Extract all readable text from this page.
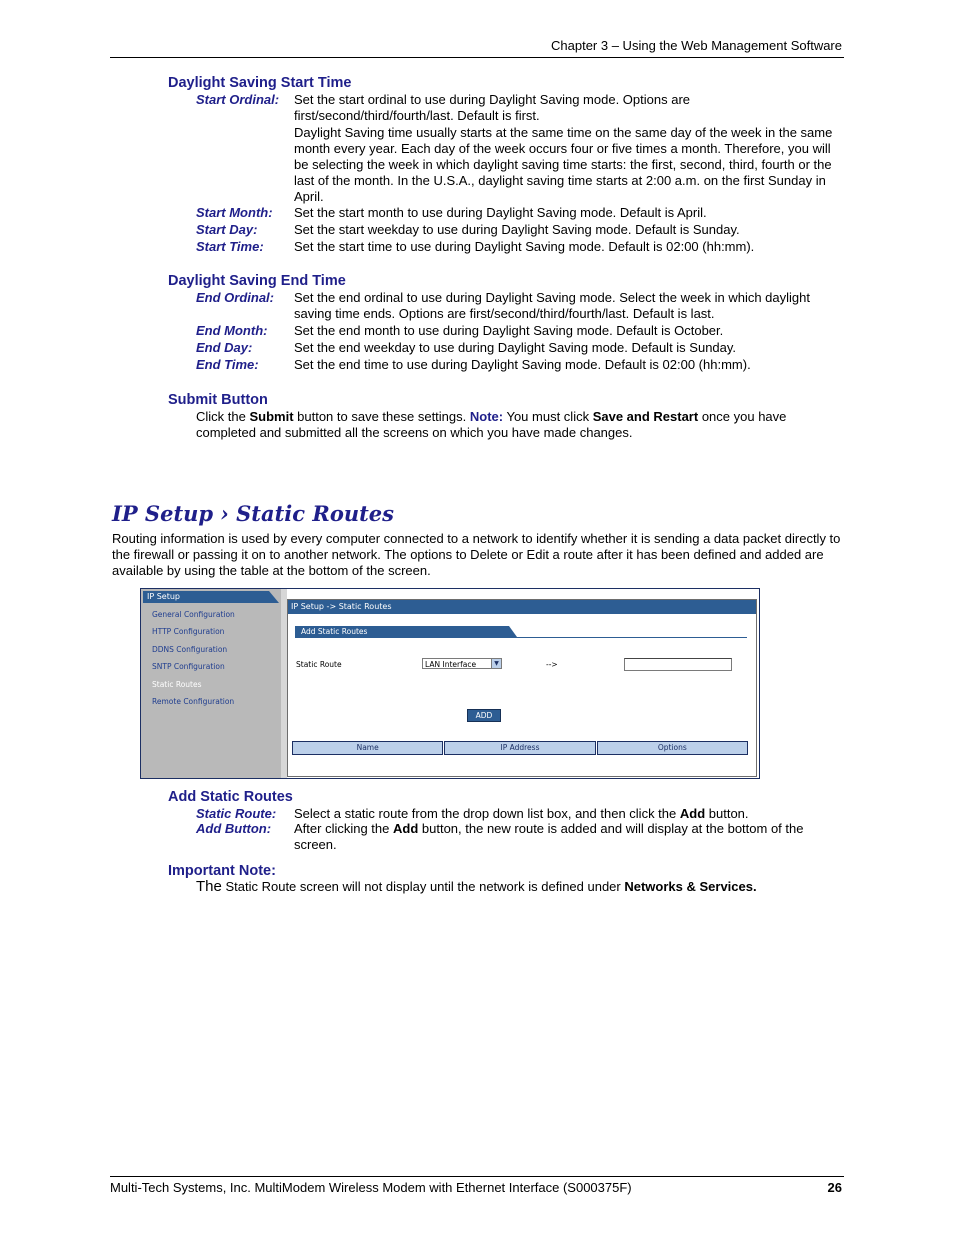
Chapter 3 – Using the Web Management Software
Daylight Saving Start Time
Start Ordinal: Set the start ordinal to use during Daylight Saving mode. Options are first/second/third/fourth/last. Default is first.
Daylight Saving time usually starts at the same time on the same day of the week in the same month every year. Each day of the week occurs four or five times a month. Therefore, you will be selecting the week in which daylight saving time starts: the first, second, third, fourth or the last of the month. In the U.S.A., daylight saving time starts at 2:00 a.m. on the first Sunday in April.
Start Month: Set the start month to use during Daylight Saving mode. Default is April.
Start Day:	Set the start weekday to use during Daylight Saving mode. Default is Sunday.
Start Time: Set the start time to use during Daylight Saving mode. Default is 02:00 (hh:mm).
Daylight Saving End Time
End Ordinal: Set the end ordinal to use during Daylight Saving mode. Select the week in which daylight saving time ends. Options are first/second/third/fourth/last. Default is last.
End Month: Set the end month to use during Daylight Saving mode. Default is October.
End Day:	Set the end weekday to use during Daylight Saving mode. Default is Sunday.
End Time:	Set the end time to use during Daylight Saving mode. Default is 02:00 (hh:mm).
Submit Button
Click the Submit button to save these settings. Note: You must click Save and Restart once you have completed and submitted all the screens on which you have made changes.
IP Setup › Static Routes
Routing information is used by every computer connected to a network to identify whether it is sending a data packet directly to the firewall or passing it on to another network. The options to Delete or Edit a route after it has been defined and added are available by using the table at the bottom of the screen.
IP Setup
General Configuration
HTTP Configuration
DDNS Configuration
SNTP Configuration
Static Routes
Remote Configuration
IP Setup -> Static Routes
Add Static Routes
Static Route	LAN Interface	▼	-->
ADD
Name	IP Address	Options
Add Static Routes
Static Route: Select a static route from the drop down list box, and then click the Add button.
Add Button: After clicking the Add button, the new route is added and will display at the bottom of the screen.
Important Note:
The Static Route screen will not display until the network is defined under Networks & Services.
Multi-Tech Systems, Inc. MultiModem Wireless Modem with Ethernet Interface (S000375F)	26
